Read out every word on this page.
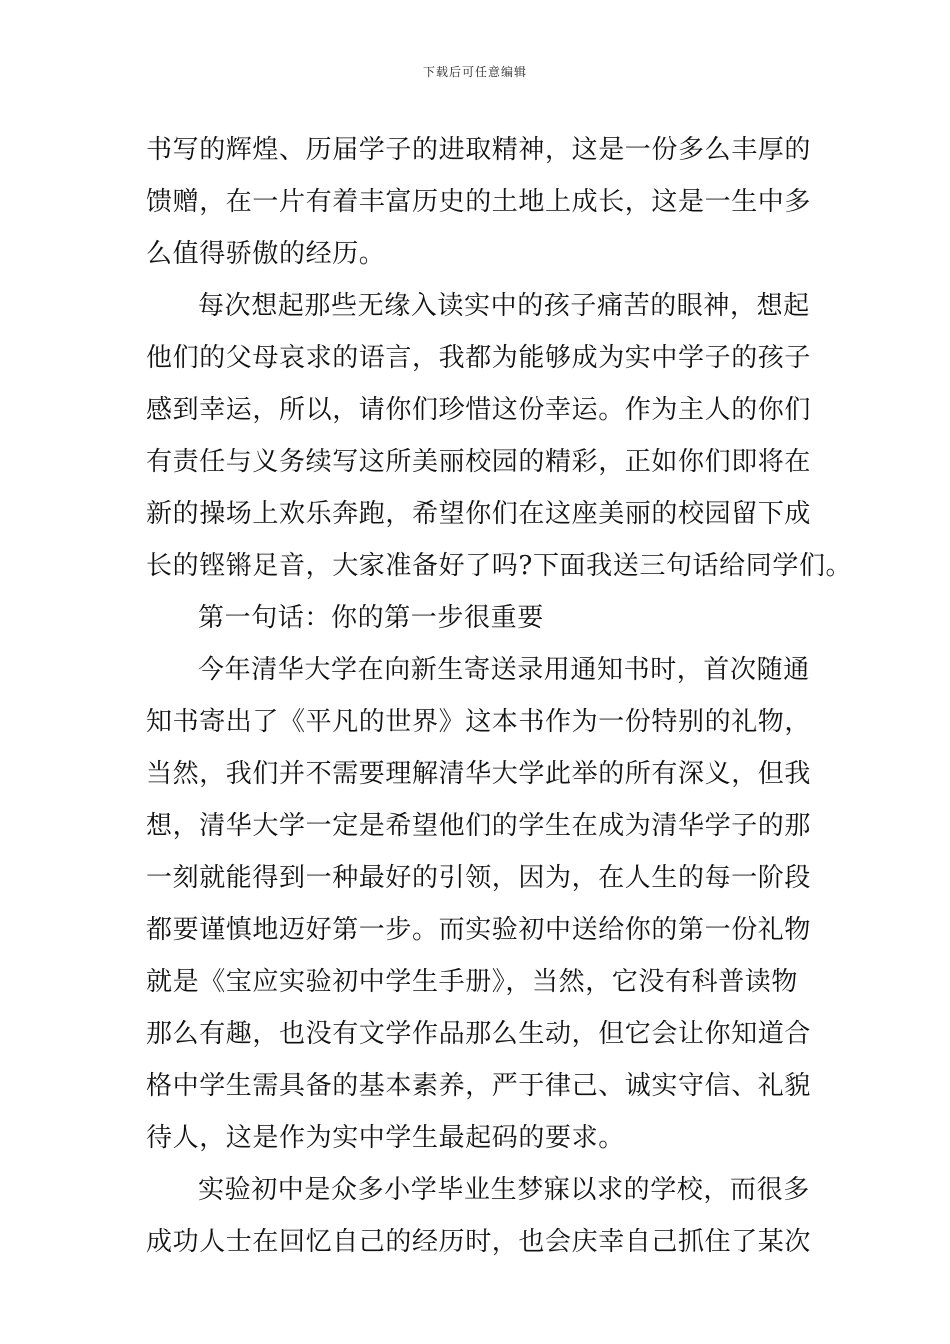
下载后可任意编辑
书写的辉煌、历届学子的进取精神，这是一份多么丰厚的
馈赠，在一片有着丰富历史的土地上成长，这是一生中多
么值得骄傲的经历。
每次想起那些无缘入读实中的孩子痛苦的眼神，想起
他们的父母哀求的语言，我都为能够成为实中学子的孩子
感到幸运，所以，请你们珍惜这份幸运。作为主人的你们
有责任与义务续写这所美丽校园的精彩，正如你们即将在
新的操场上欢乐奔跑，希望你们在这座美丽的校园留下成
长的铿锵足音，大家准备好了吗?下面我送三句话给同学们。
第一句话：你的第一步很重要
今年清华大学在向新生寄送录用通知书时，首次随通
知书寄出了《平凡的世界》这本书作为一份特别的礼物，
当然，我们并不需要理解清华大学此举的所有深义，但我
想，清华大学一定是希望他们的学生在成为清华学子的那
一刻就能得到一种最好的引领，因为，在人生的每一阶段
都要谨慎地迈好第一步。而实验初中送给你的第一份礼物
就是《宝应实验初中学生手册》，当然，它没有科普读物
那么有趣，也没有文学作品那么生动，但它会让你知道合
格中学生需具备的基本素养，严于律己、诚实守信、礼貌
待人，这是作为实中学生最起码的要求。
实验初中是众多小学毕业生梦寐以求的学校，而很多
成功人士在回忆自己的经历时，也会庆幸自己抓住了某次
